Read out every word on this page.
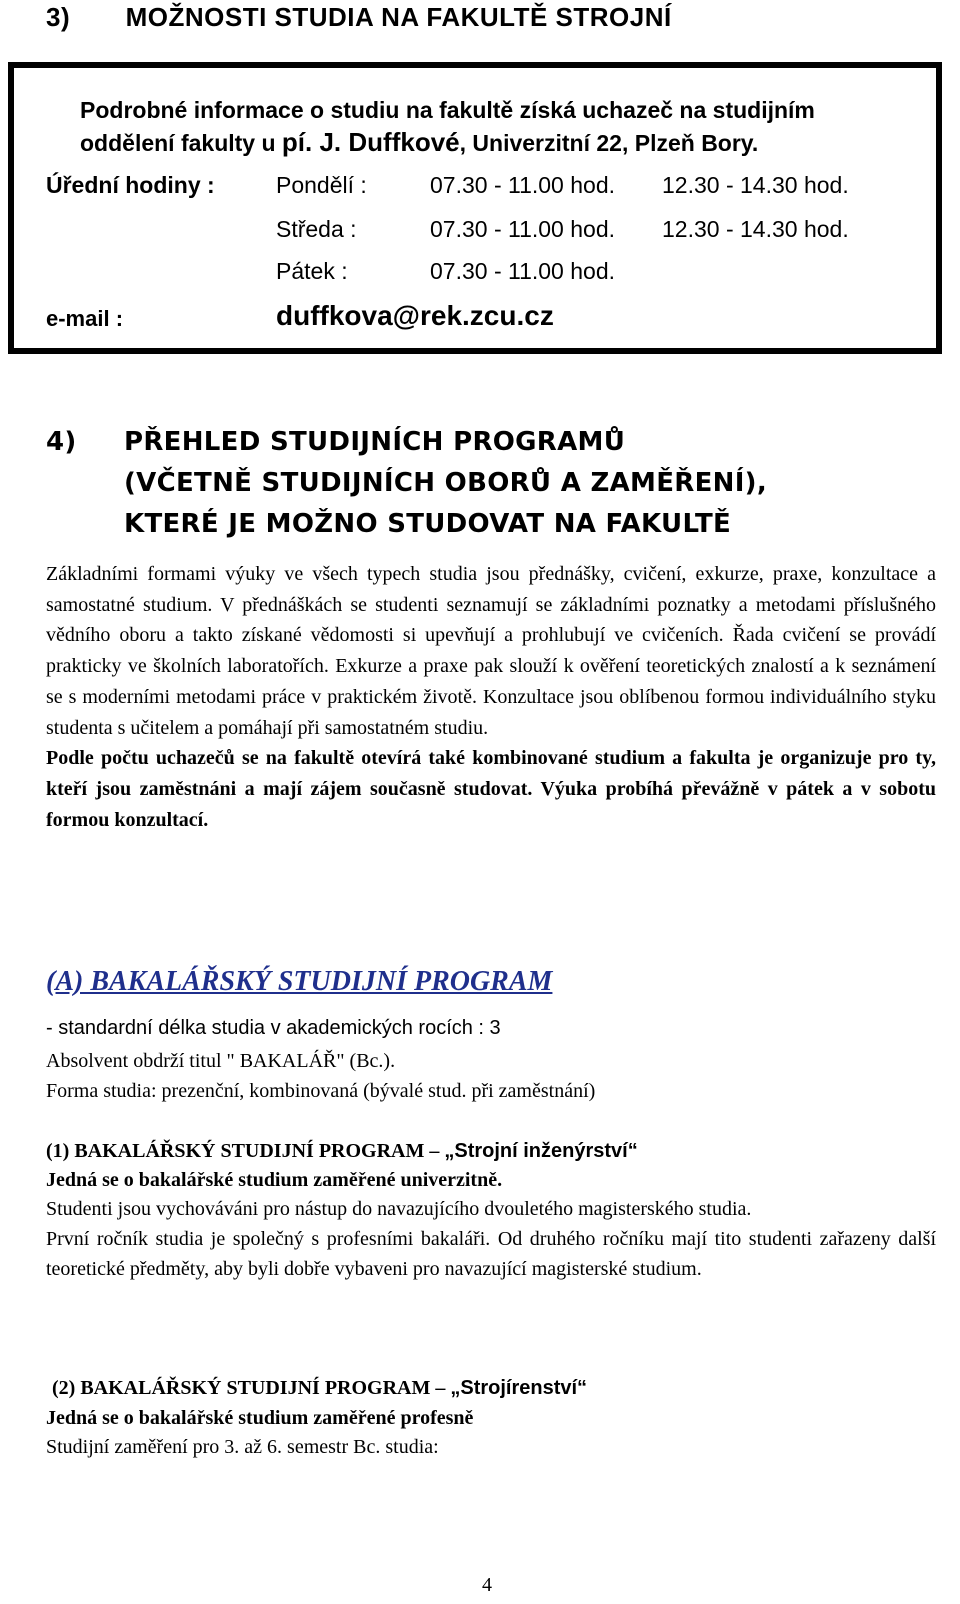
3) MOŽNOSTI STUDIA NA FAKULTĚ STROJNÍ
Podrobné informace o studiu na fakultě získá uchazeč na studijním
oddělení fakulty u pí. J. Duffkové, Univerzitní 22, Plzeň Bory.
Úřední hodiny :	Pondělí :	07.30 - 11.00 hod. 12.30 - 14.30 hod.
Středa :	07.30 - 11.00 hod. 12.30 - 14.30 hod.
Pátek :	07.30 - 11.00 hod.
e-mail :	duffkova@rek.zcu.cz
4) PŘEHLED STUDIJNÍCH PROGRAMŮ
(VČETNĚ STUDIJNÍCH OBORŮ A ZAMĚŘENÍ),
KTERÉ JE MOŽNO STUDOVAT NA FAKULTĚ

Základními formami výuky ve všech typech studia jsou přednášky, cvičení, exkurze, praxe, konzultace a samostatné studium. V přednáškách se studenti seznamují se základními poznatky a metodami příslušného vědního oboru a takto získané vědomosti si upevňují a prohlubují ve cvičeních. Řada cvičení se provádí prakticky ve školních laboratořích. Exkurze a praxe pak slouží k ověření teoretických znalostí a k seznámení se s moderními metodami práce v praktickém životě. Konzultace jsou oblíbenou formou individuálního styku studenta s učitelem a pomáhají při samostatném studiu.

Podle počtu uchazečů se na fakultě otevírá také kombinované studium a fakulta je organizuje pro ty, kteří jsou zaměstnáni a mají zájem současně studovat. Výuka probíhá převážně v pátek a v sobotu formou konzultací.

(A) BAKALÁŘSKÝ STUDIJNÍ PROGRAM
- standardní délka studia v akademických rocích : 3
Absolvent obdrží titul " BAKALÁŘ" (Bc.).
Forma studia: prezenční, kombinovaná (bývalé stud. při zaměstnání)
(1) BAKALÁŘSKÝ STUDIJNÍ PROGRAM – „Strojní inženýrství“
Jedná se o bakalářské studium zaměřené univerzitně.

Studenti jsou vychováváni pro nástup do navazujícího dvouletého magisterského studia.

První ročník studia je společný s profesními bakaláři. Od druhého ročníku mají tito studenti zařazeny další teoretické předměty, aby byli dobře vybaveni pro navazující magisterské studium.

(2) BAKALÁŘSKÝ STUDIJNÍ PROGRAM – „Strojírenství“
Jedná se o bakalářské studium zaměřené profesně
Studijní zaměření pro 3. až 6. semestr Bc. studia:
4
